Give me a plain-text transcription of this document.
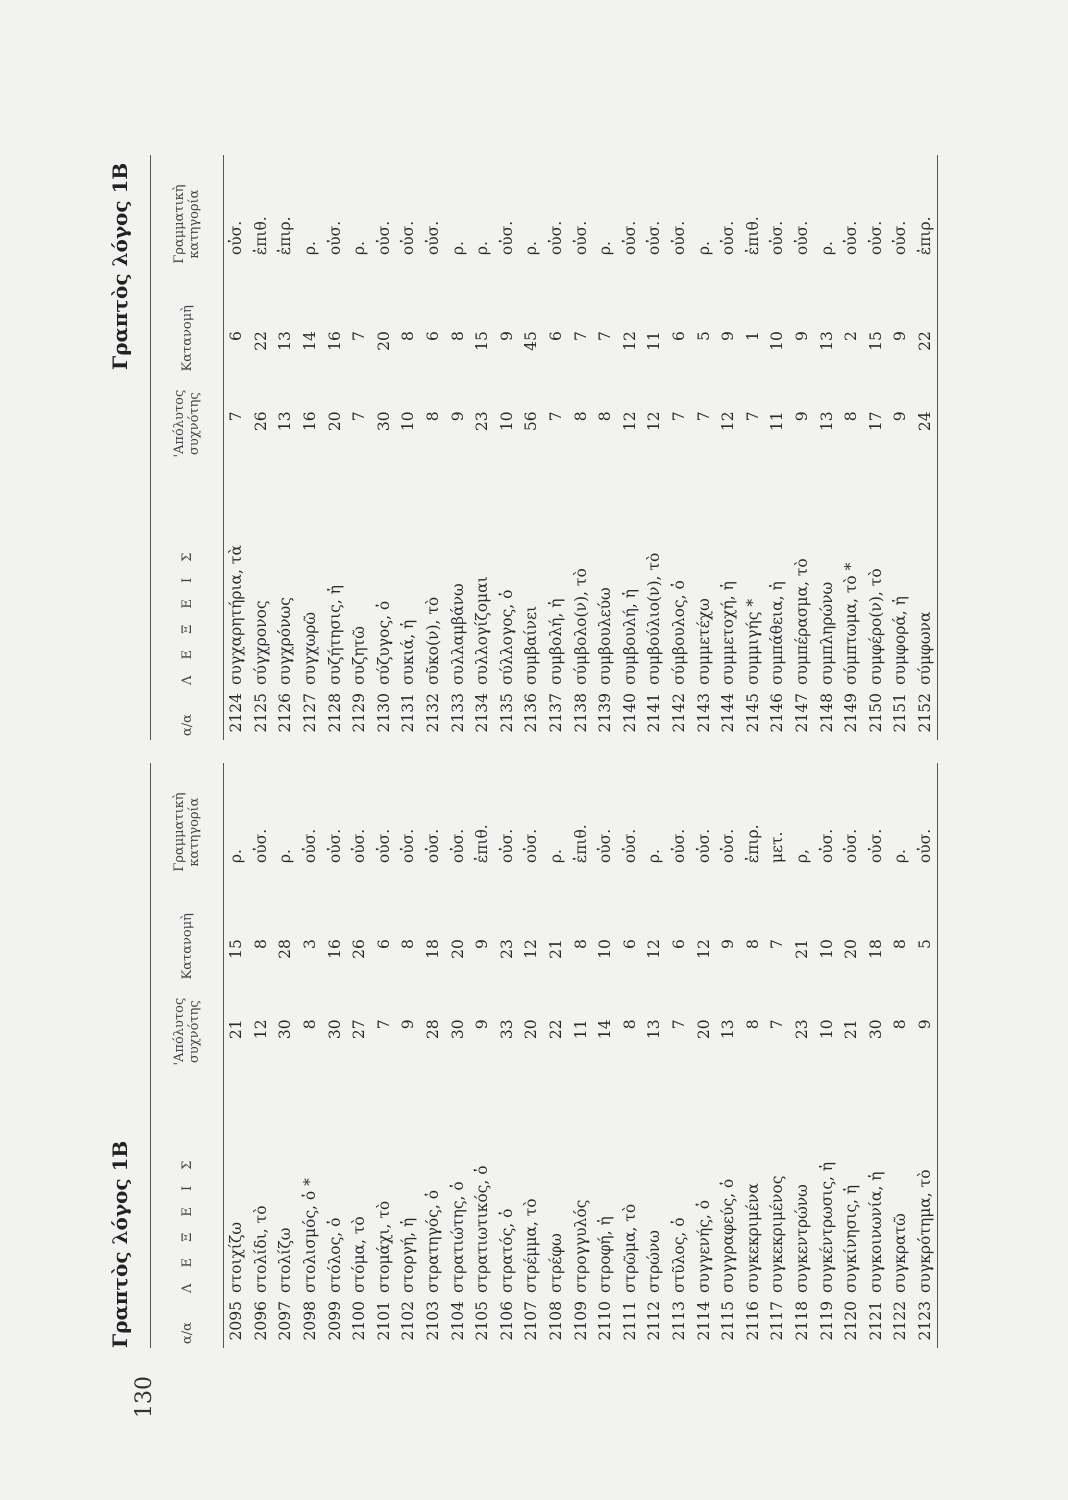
130
Γραπτὸς λόγος 1Β
Γραπτὸς λόγος 1Β
α/α	Λ Ε Ξ Ε Ι Σ	'Απόλυτος
συχνότης	Κατανομὴ	Γραμματικὴ
κατηγορία
2095	στοιχίζω	21	15	ρ.
2096	στολίδι, τὸ	12	8	οὐσ.
2097	στολίζω	30	28	ρ.
2098	στολισμός, ὁ *	8	3	οὐσ.
2099	στόλος, ὁ	30	16	οὐσ.
2100	στόμα, τὸ	27	26	οὐσ.
2101	στομάχι, τὸ	7	6	οὐσ.
2102	στοργή, ἡ	9	8	οὐσ.
2103	στρατηγός, ὁ	28	18	οὐσ.
2104	στρατιώτης, ὁ	30	20	οὐσ.
2105	στρατιωτικός, ὁ	9	9	ἐπιθ.
2106	στρατός, ὁ	33	23	οὐσ.
2107	στρέμμα, τὸ	20	12	οὐσ.
2108	στρέφω	22	21	ρ.
2109	στρογγυλός	11	8	ἐπιθ.
2110	στροφή, ἡ	14	10	οὐσ.
2111	στρῶμα, τὸ	8	6	οὐσ.
2112	στρώνω	13	12	ρ.
2113	στῦλος, ὁ	7	6	οὐσ.
2114	συγγενής, ὁ	20	12	οὐσ.
2115	συγγραφεύς, ὁ	13	9	οὐσ.
2116	συγκεκριμένα	8	8	ἐπιρ.
2117	συγκεκριμένος	7	7	μετ.
2118	συγκεντρώνω	23	21	ρ,
2119	συγκέντρωσις, ἡ	10	10	οὐσ.
2120	συγκίνησις, ἡ	21	20	οὐσ.
2121	συγκοινωνία, ἡ	30	18	οὐσ.
2122	συγκρατῶ	8	8	ρ.
2123	συγκρότημα, τὸ	9	5	οὐσ.
α/α	Λ Ε Ξ Ε Ι Σ	'Απόλυτος
συχνότης	Κατανομὴ	Γραμματικὴ
κατηγορία
2124	συγχαρητήρια, τὰ	7	6	οὐσ.
2125	σύγχρονος	26	22	ἐπιθ.
2126	συγχρόνως	13	13	ἐπιρ.
2127	συγχωρῶ	16	14	ρ.
2128	συζήτησις, ἡ	20	16	οὐσ.
2129	συζητῶ	7	7	ρ.
2130	σύζυγος, ὁ	30	20	οὐσ.
2131	συκιά, ἡ	10	8	οὐσ.
2132	σῦκο(ν), τὸ	8	6	οὐσ.
2133	συλλαμβάνω	9	8	ρ.
2134	συλλογίζομαι	23	15	ρ.
2135	σύλλογος, ὁ	10	9	οὐσ.
2136	συμβαίνει	56	45	ρ.
2137	συμβολή, ἡ	7	6	οὐσ.
2138	σύμβολο(ν), τὸ	8	7	οὐσ.
2139	συμβουλεύω	8	7	ρ.
2140	συμβουλή, ἡ	12	12	οὐσ.
2141	συμβούλιο(ν), τὸ	12	11	οὐσ.
2142	σύμβουλος, ὁ	7	6	οὐσ.
2143	συμμετέχω	7	5	ρ.
2144	συμμετοχή, ἡ	12	9	οὐσ.
2145	συμμιγής *	7	1	ἐπιθ.
2146	συμπάθεια, ἡ	11	10	οὐσ.
2147	συμπέρασμα, τὸ	9	9	οὐσ.
2148	συμπληρώνω	13	13	ρ.
2149	σύμπτωμα, τὸ *	8	2	οὐσ.
2150	συμφέρο(ν), τὸ	17	15	οὐσ.
2151	συμφορά, ἡ	9	9	οὐσ.
2152	σύμφωνα	24	22	ἐπιρ.
